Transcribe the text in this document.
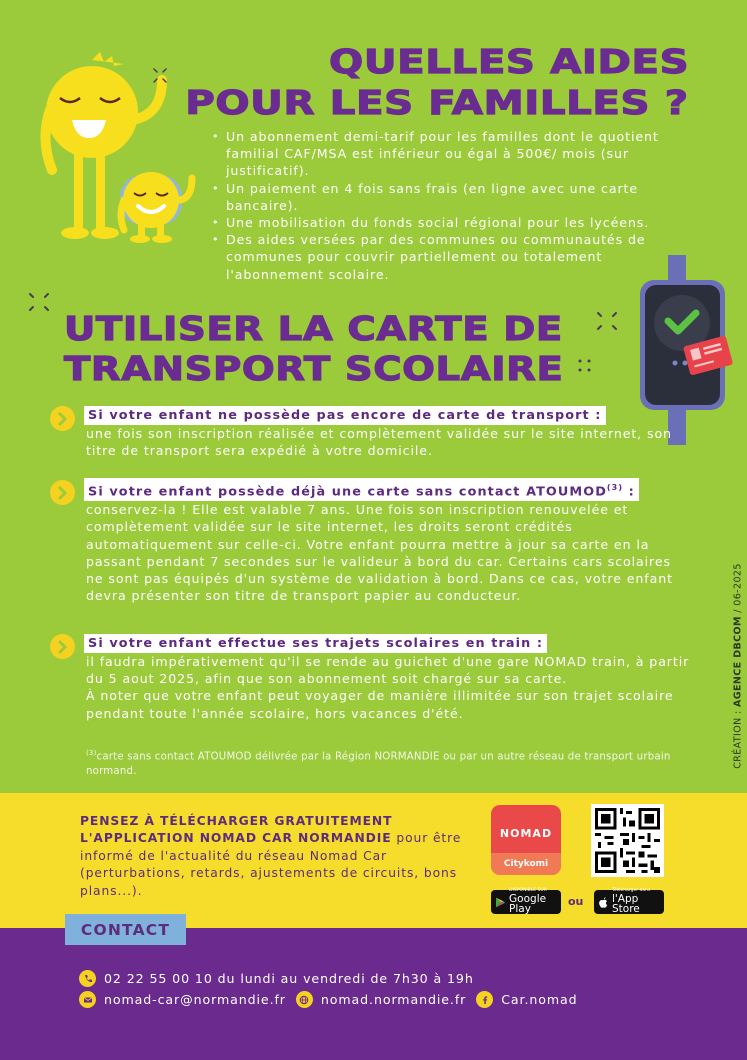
QUELLES AIDES
POUR LES FAMILLES ?
• Un abonnement demi-tarif pour les familles dont le quotient familial CAF/MSA est inférieur ou égal à 500€/ mois (sur justificatif).
• Un paiement en 4 fois sans frais (en ligne avec une carte bancaire).
• Une mobilisation du fonds social régional pour les lycéens.
• Des aides versées par des communes ou communautés de communes pour couvrir partiellement ou totalement l'abonnement scolaire.
UTILISER LA CARTE DE
TRANSPORT SCOLAIRE
Si votre enfant ne possède pas encore de carte de transport :
une fois son inscription réalisée et complètement validée sur le site internet, son titre de transport sera expédié à votre domicile.
Si votre enfant possède déjà une carte sans contact ATOUMOD$^{(3)}$ :
conservez-la ! Elle est valable 7 ans. Une fois son inscription renouvelée et complètement validée sur le site internet, les droits seront crédités automatiquement sur celle-ci. Votre enfant pourra mettre à jour sa carte en la passant pendant 7 secondes sur le valideur à bord du car. Certains cars scolaires ne sont pas équipés d'un système de validation à bord. Dans ce cas, votre enfant devra présenter son titre de transport papier au conducteur.
Si votre enfant effectue ses trajets scolaires en train :
il faudra impérativement qu'il se rende au guichet d'une gare NOMAD train, à partir du 5 aout 2025, afin que son abonnement soit chargé sur sa carte.
À noter que votre enfant peut voyager de manière illimitée sur son trajet scolaire pendant toute l'année scolaire, hors vacances d'été.
$^{(3)}$carte sans contact ATOUMOD délivrée par la Région NORMANDIE ou par un autre réseau de transport urbain normand.
CRÉATION : AGENCE DBCOM / 06-2025
PENSEZ À TÉLÉCHARGER GRATUITEMENT L'APPLICATION NOMAD CAR NORMANDIE pour être informé de l'actualité du réseau Nomad Car (perturbations, retards, ajustements de circuits, bons plans...).
NOMAD
Citykomi
DISPONIBLE SUR
Google Play
ou
Télécharger dans
l'App Store
CONTACT
02 22 55 00 10 du lundi au vendredi de 7h30 à 19h
nomad-car@normandie.fr	nomad.normandie.fr	Car.nomad
